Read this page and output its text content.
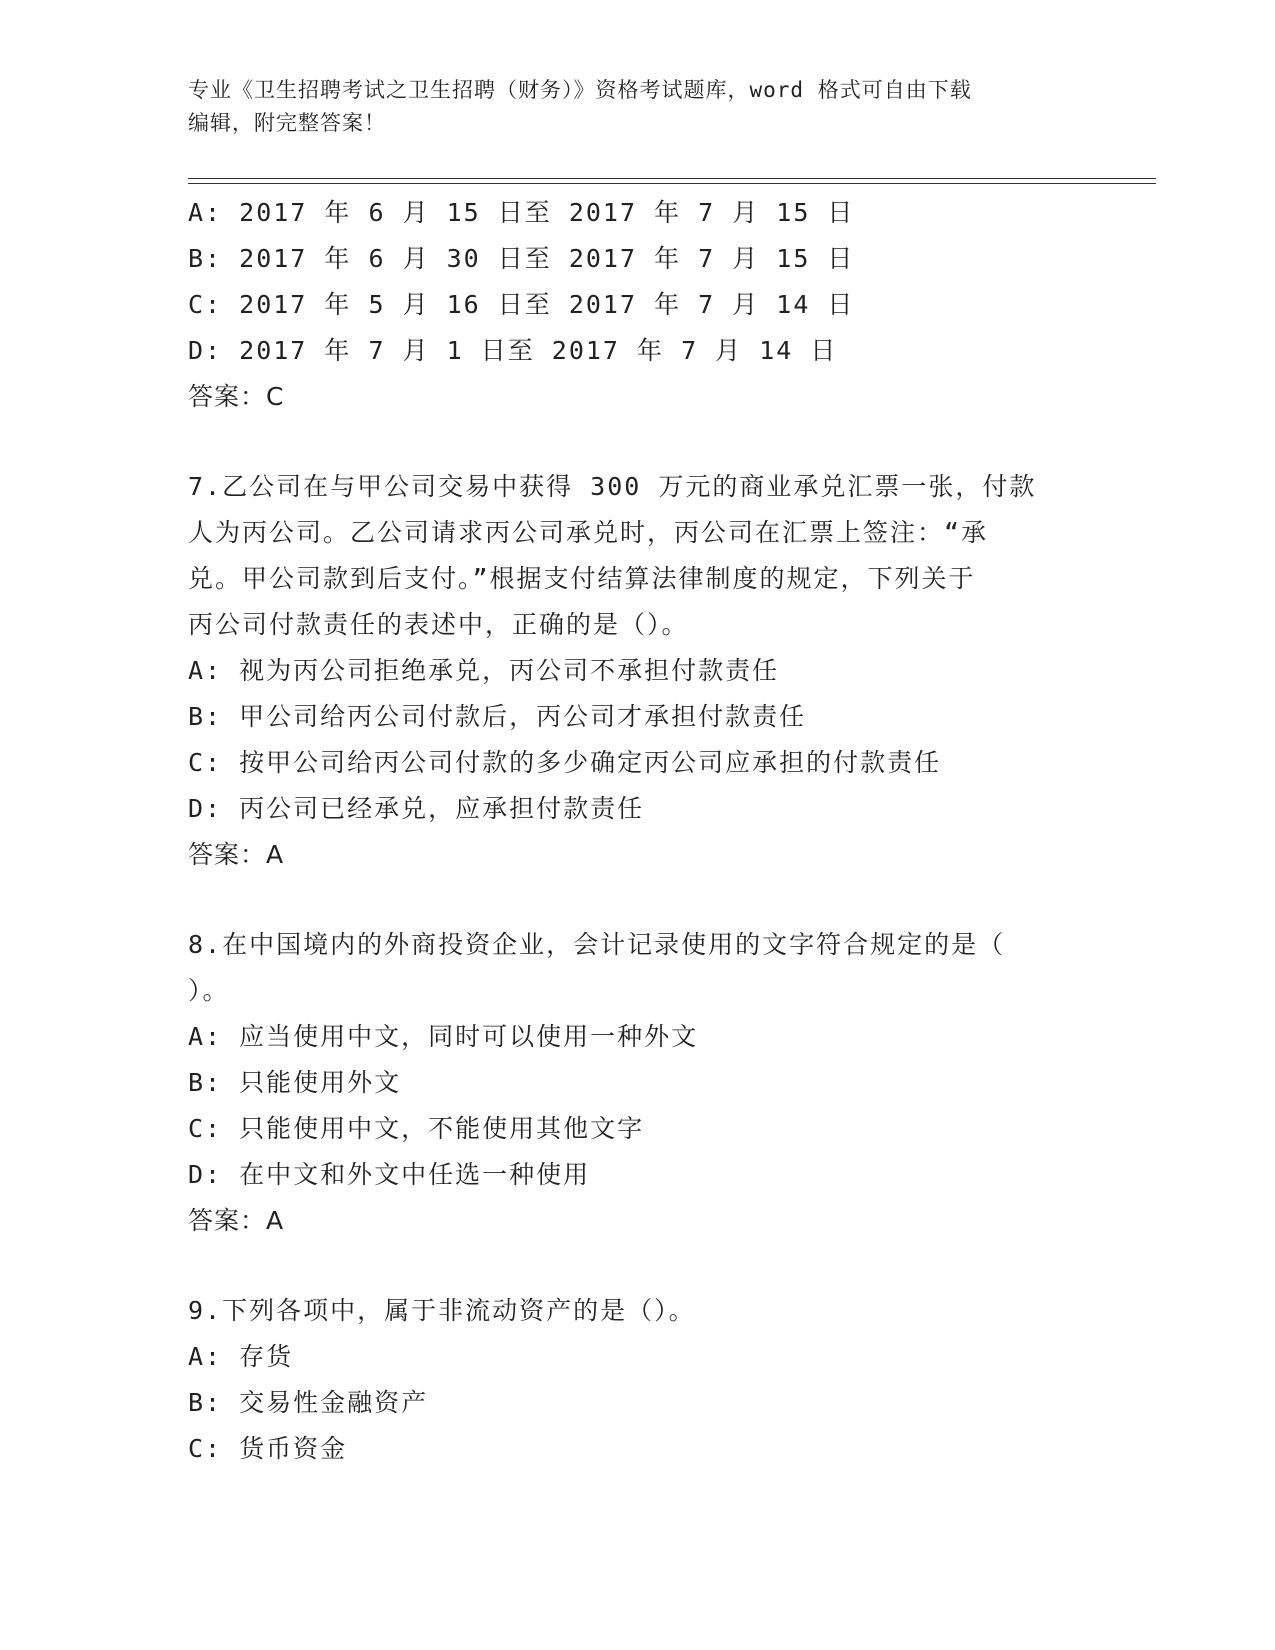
专业《卫生招聘考试之卫生招聘（财务）》资格考试题库，word 格式可自由下载
编辑，附完整答案！
A: 2017 年 6 月 15 日至 2017 年 7 月 15 日
B: 2017 年 6 月 30 日至 2017 年 7 月 15 日
C: 2017 年 5 月 16 日至 2017 年 7 月 14 日
D: 2017 年 7 月 1 日至 2017 年 7 月 14 日
答案：C
7.乙公司在与甲公司交易中获得 300 万元的商业承兑汇票一张，付款
人为丙公司。乙公司请求丙公司承兑时，丙公司在汇票上签注：“承
兑。甲公司款到后支付。”根据支付结算法律制度的规定，下列关于
丙公司付款责任的表述中，正确的是（）。
A: 视为丙公司拒绝承兑，丙公司不承担付款责任
B: 甲公司给丙公司付款后，丙公司才承担付款责任
C: 按甲公司给丙公司付款的多少确定丙公司应承担的付款责任
D: 丙公司已经承兑，应承担付款责任
答案：A
8.在中国境内的外商投资企业，会计记录使用的文字符合规定的是（
）。
A: 应当使用中文，同时可以使用一种外文
B: 只能使用外文
C: 只能使用中文，不能使用其他文字
D: 在中文和外文中任选一种使用
答案：A
9.下列各项中，属于非流动资产的是（）。
A: 存货
B: 交易性金融资产
C: 货币资金
